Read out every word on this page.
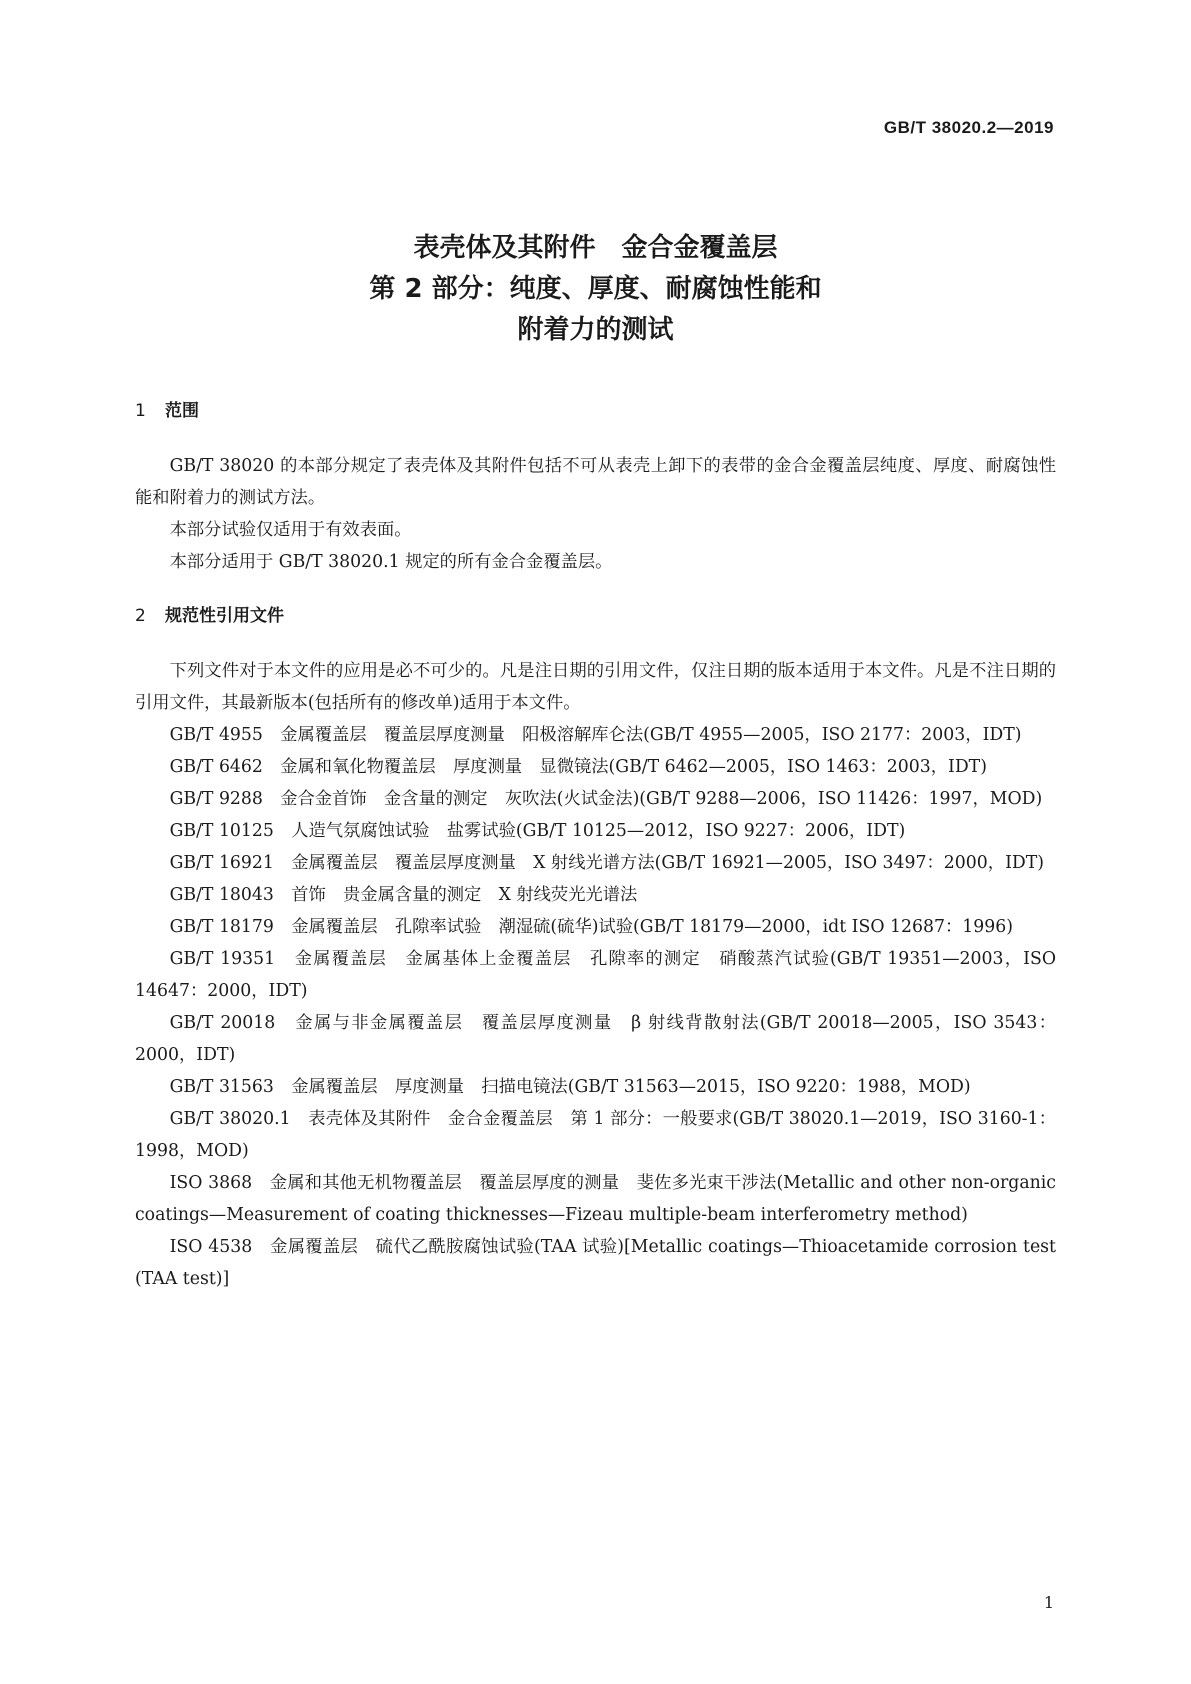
GB/T 38020.2—2019
表壳体及其附件　金合金覆盖层
第 2 部分：纯度、厚度、耐腐蚀性能和
附着力的测试
1 范围

GB/T 38020 的本部分规定了表壳体及其附件包括不可从表壳上卸下的表带的金合金覆盖层纯度、厚度、耐腐蚀性能和附着力的测试方法。

本部分试验仅适用于有效表面。

本部分适用于 GB/T 38020.1 规定的所有金合金覆盖层。

2 规范性引用文件

下列文件对于本文件的应用是必不可少的。凡是注日期的引用文件，仅注日期的版本适用于本文件。凡是不注日期的引用文件，其最新版本(包括所有的修改单)适用于本文件。

GB/T 4955　金属覆盖层　覆盖层厚度测量　阳极溶解库仑法(GB/T 4955—2005，ISO 2177：2003，IDT)

GB/T 6462　金属和氧化物覆盖层　厚度测量　显微镜法(GB/T 6462—2005，ISO 1463：2003，IDT)

GB/T 9288　金合金首饰　金含量的测定　灰吹法(火试金法)(GB/T 9288—2006，ISO 11426：1997，MOD)

GB/T 10125　人造气氛腐蚀试验　盐雾试验(GB/T 10125—2012，ISO 9227：2006，IDT)

GB/T 16921　金属覆盖层　覆盖层厚度测量　X 射线光谱方法(GB/T 16921—2005，ISO 3497：2000，IDT)

GB/T 18043　首饰　贵金属含量的测定　X 射线荧光光谱法

GB/T 18179　金属覆盖层　孔隙率试验　潮湿硫(硫华)试验(GB/T 18179—2000，idt ISO 12687：1996)

GB/T 19351　金属覆盖层　金属基体上金覆盖层　孔隙率的测定　硝酸蒸汽试验(GB/T 19351—2003，ISO 14647：2000，IDT)

GB/T 20018　金属与非金属覆盖层　覆盖层厚度测量　β 射线背散射法(GB/T 20018—2005，ISO 3543：2000，IDT)

GB/T 31563　金属覆盖层　厚度测量　扫描电镜法(GB/T 31563—2015，ISO 9220：1988，MOD)

GB/T 38020.1　表壳体及其附件　金合金覆盖层　第 1 部分：一般要求(GB/T 38020.1—2019，ISO 3160-1：1998，MOD)

ISO 3868　金属和其他无机物覆盖层　覆盖层厚度的测量　斐佐多光束干涉法(Metallic and other non-organic coatings—Measurement of coating thicknesses—Fizeau multiple-beam interferometry method)

ISO 4538　金属覆盖层　硫代乙酰胺腐蚀试验(TAA 试验)[Metallic coatings—Thioacetamide corrosion test (TAA test)]

1
